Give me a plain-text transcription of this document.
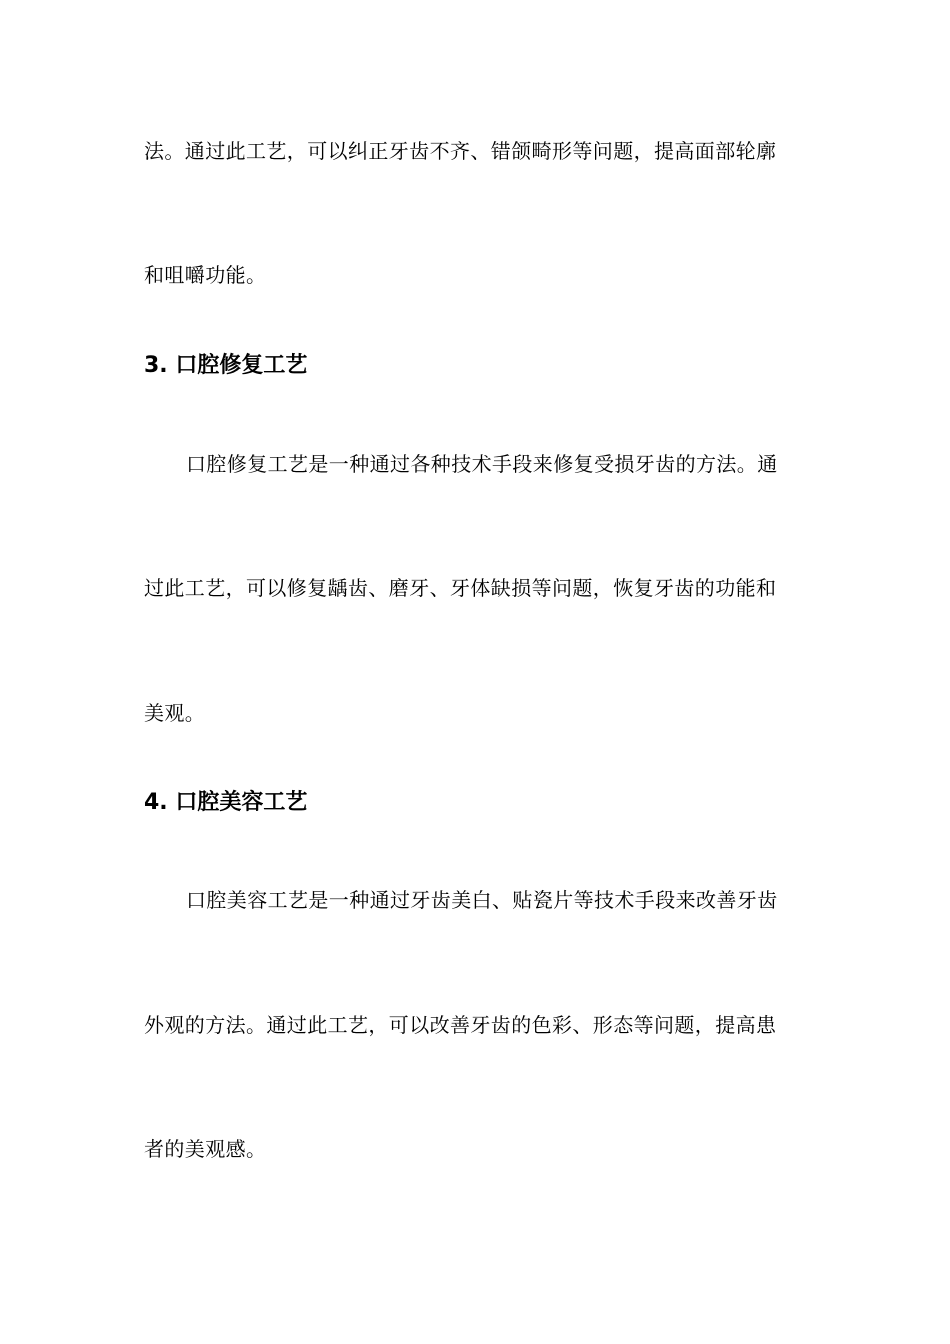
法。通过此工艺，可以纠正牙齿不齐、错颌畸形等问题，提高面部轮廓
和咀嚼功能。
3. 口腔修复工艺
口腔修复工艺是一种通过各种技术手段来修复受损牙齿的方法。通
过此工艺，可以修复龋齿、磨牙、牙体缺损等问题，恢复牙齿的功能和
美观。
4. 口腔美容工艺
口腔美容工艺是一种通过牙齿美白、贴瓷片等技术手段来改善牙齿
外观的方法。通过此工艺，可以改善牙齿的色彩、形态等问题，提高患
者的美观感。
